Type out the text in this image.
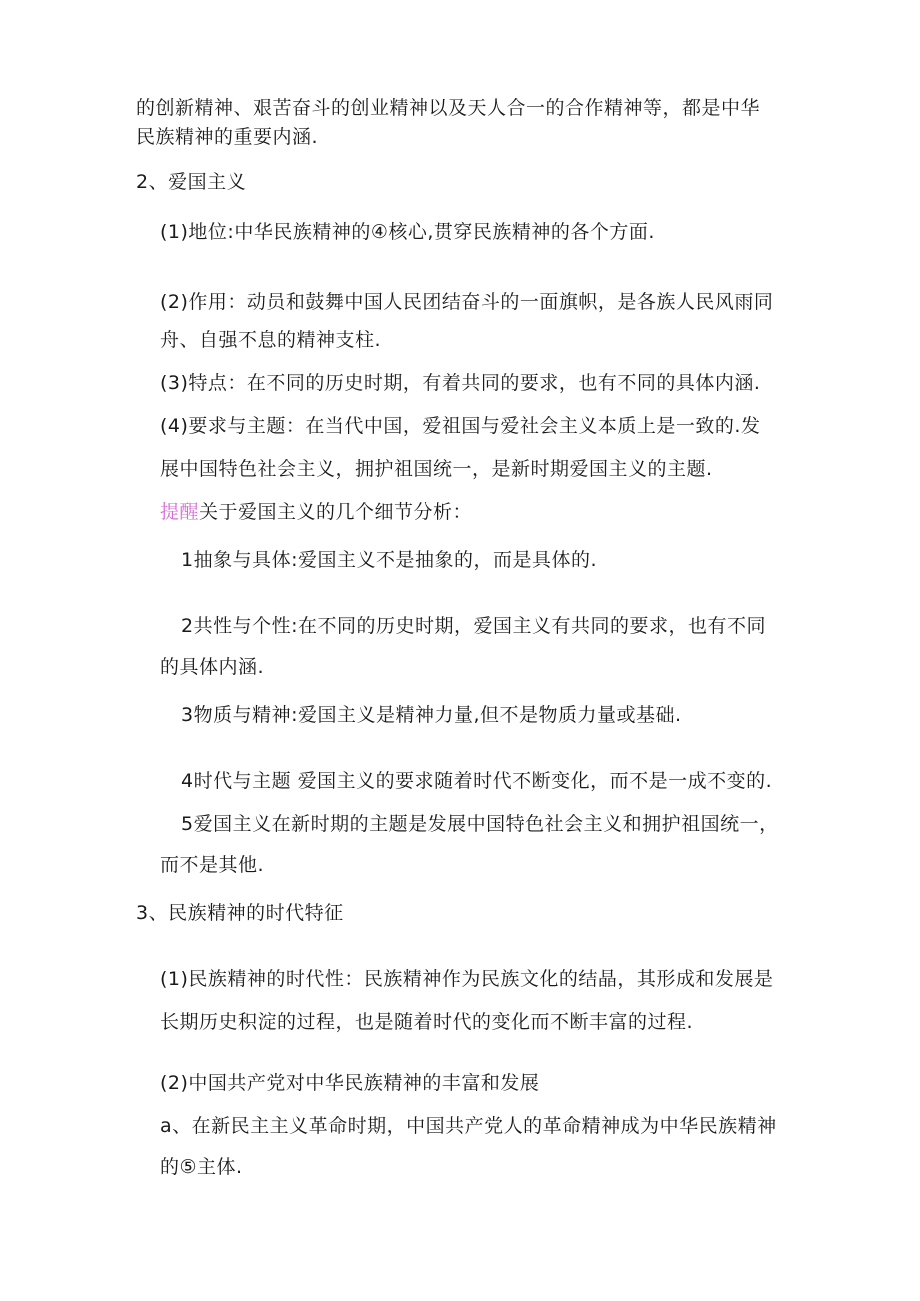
的创新精神、艰苦奋斗的创业精神以及天人合一的合作精神等，都是中华
民族精神的重要内涵.
2、爱国主义
(1)地位:中华民族精神的④核心,贯穿民族精神的各个方面.
(2)作用：动员和鼓舞中国人民团结奋斗的一面旗帜，是各族人民风雨同
舟、自强不息的精神支柱.
(3)特点：在不同的历史时期，有着共同的要求，也有不同的具体内涵.
(4)要求与主题：在当代中国，爱祖国与爱社会主义本质上是一致的.发
展中国特色社会主义，拥护祖国统一，是新时期爱国主义的主题.
提醒关于爱国主义的几个细节分析：
1抽象与具体:爱国主义不是抽象的，而是具体的.
2共性与个性:在不同的历史时期，爱国主义有共同的要求，也有不同
的具体内涵.
3物质与精神:爱国主义是精神力量,但不是物质力量或基础.
4时代与主题 爱国主义的要求随着时代不断变化，而不是一成不变的.
5爱国主义在新时期的主题是发展中国特色社会主义和拥护祖国统一，
而不是其他.
3、民族精神的时代特征
(1)民族精神的时代性：民族精神作为民族文化的结晶，其形成和发展是
长期历史积淀的过程，也是随着时代的变化而不断丰富的过程.
(2)中国共产党对中华民族精神的丰富和发展
a、在新民主主义革命时期，中国共产党人的革命精神成为中华民族精神
的⑤主体.
